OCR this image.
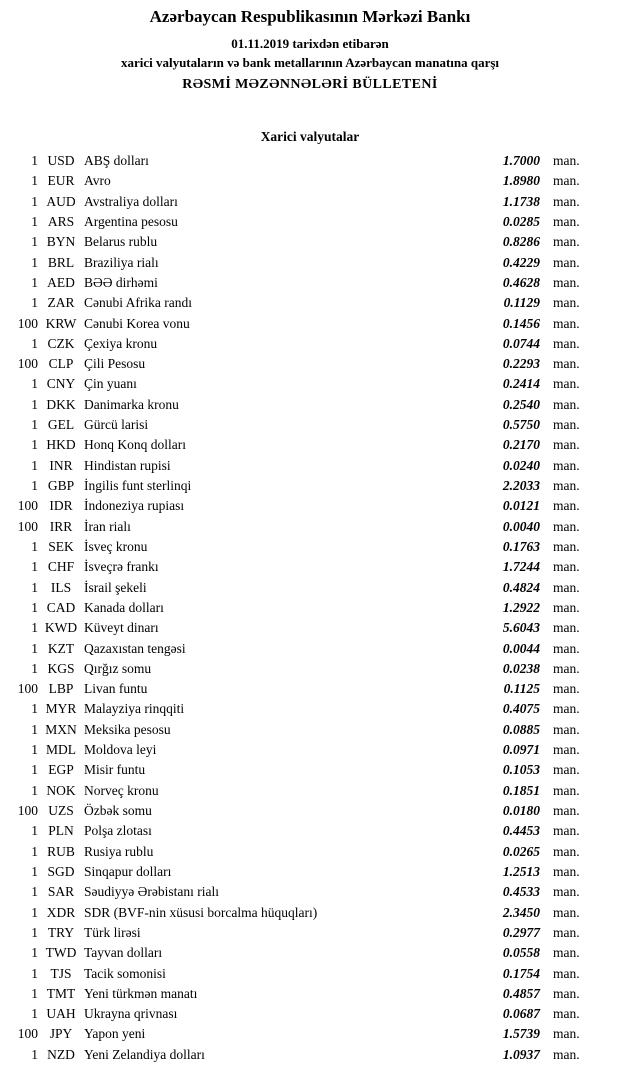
Azərbaycan Respublikasının Mərkəzi Bankı
01.11.2019 tarixdən etibarən
xarici valyutaların və bank metallarının Azərbaycan manatına qarşı
RƏSMİ MƏZƏNNƏLƏRİ BÜLLETENİ
Xarici valyutalar
1 USD ABŞ dolları	1.7000 man.
1 EUR Avro	1.8980 man.
1 AUD Avstraliya dolları	1.1738 man.
1 ARS Argentina pesosu	0.0285 man.
1 BYN Belarus rublu	0.8286 man.
1 BRL Braziliya rialı	0.4229 man.
1 AED BƏƏ dirhəmi	0.4628 man.
1 ZAR Cənubi Afrika randı	0.1129 man.
100 KRW Cənubi Korea vonu	0.1456 man.
1 CZK Çexiya kronu	0.0744 man.
100 CLP Çili Pesosu	0.2293 man.
1 CNY Çin yuanı	0.2414 man.
1 DKK Danimarka kronu	0.2540 man.
1 GEL Gürcü larisi	0.5750 man.
1 HKD Honq Konq dolları	0.2170 man.
1 INR Hindistan rupisi	0.0240 man.
1 GBP İngilis funt sterlinqi	2.2033 man.
100 IDR İndoneziya rupiası	0.0121 man.
100 IRR İran rialı	0.0040 man.
1 SEK İsveç kronu	0.1763 man.
1 CHF İsveçrə frankı	1.7244 man.
1 ILS İsrail şekeli	0.4824 man.
1 CAD Kanada dolları	1.2922 man.
1 KWD Küveyt dinarı	5.6043 man.
1 KZT Qazaxıstan tengəsi	0.0044 man.
1 KGS Qırğız somu	0.0238 man.
100 LBP Livan funtu	0.1125 man.
1 MYR Malayziya rinqqiti	0.4075 man.
1 MXN Meksika pesosu	0.0885 man.
1 MDL Moldova leyi	0.0971 man.
1 EGP Misir funtu	0.1053 man.
1 NOK Norveç kronu	0.1851 man.
100 UZS Özbək somu	0.0180 man.
1 PLN Polşa zlotası	0.4453 man.
1 RUB Rusiya rublu	0.0265 man.
1 SGD Sinqapur dolları	1.2513 man.
1 SAR Səudiyyə Ərəbistanı rialı	0.4533 man.
1 XDR SDR (BVF-nin xüsusi borcalma hüquqları)	2.3450 man.
1 TRY Türk lirəsi	0.2977 man.
1 TWD Tayvan dolları	0.0558 man.
1 TJS Tacik somonisi	0.1754 man.
1 TMT Yeni türkmən manatı	0.4857 man.
1 UAH Ukrayna qrivnası	0.0687 man.
100 JPY Yapon yeni	1.5739 man.
1 NZD Yeni Zelandiya dolları	1.0937 man.
